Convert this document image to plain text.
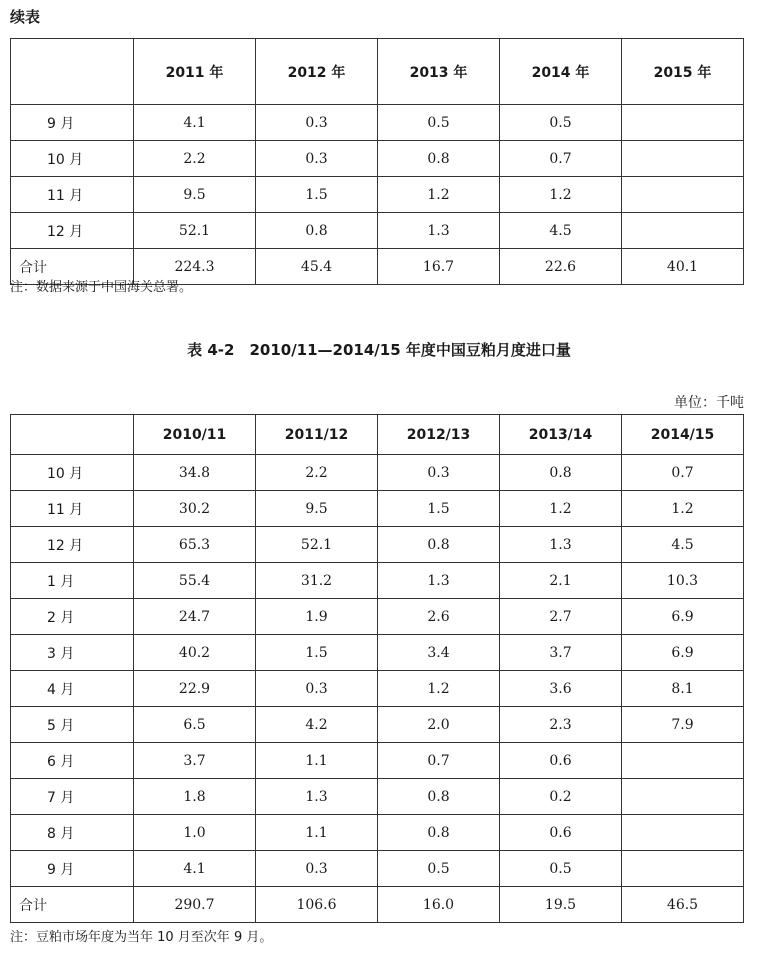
续表
	2011 年	2012 年	2013 年	2014 年	2015 年
9 月	4.1	0.3	0.5	0.5	
10 月	2.2	0.3	0.8	0.7	
11 月	9.5	1.5	1.2	1.2	
12 月	52.1	0.8	1.3	4.5	
合计	224.3	45.4	16.7	22.6	40.1
注：数据来源于中国海关总署。
表 4-2　2010/11—2014/15 年度中国豆粕月度进口量
单位：千吨
	2010/11	2011/12	2012/13	2013/14	2014/15
10 月	34.8	2.2	0.3	0.8	0.7
11 月	30.2	9.5	1.5	1.2	1.2
12 月	65.3	52.1	0.8	1.3	4.5
1 月	55.4	31.2	1.3	2.1	10.3
2 月	24.7	1.9	2.6	2.7	6.9
3 月	40.2	1.5	3.4	3.7	6.9
4 月	22.9	0.3	1.2	3.6	8.1
5 月	6.5	4.2	2.0	2.3	7.9
6 月	3.7	1.1	0.7	0.6	
7 月	1.8	1.3	0.8	0.2	
8 月	1.0	1.1	0.8	0.6	
9 月	4.1	0.3	0.5	0.5	
合计	290.7	106.6	16.0	19.5	46.5
注：豆粕市场年度为当年 10 月至次年 9 月。
